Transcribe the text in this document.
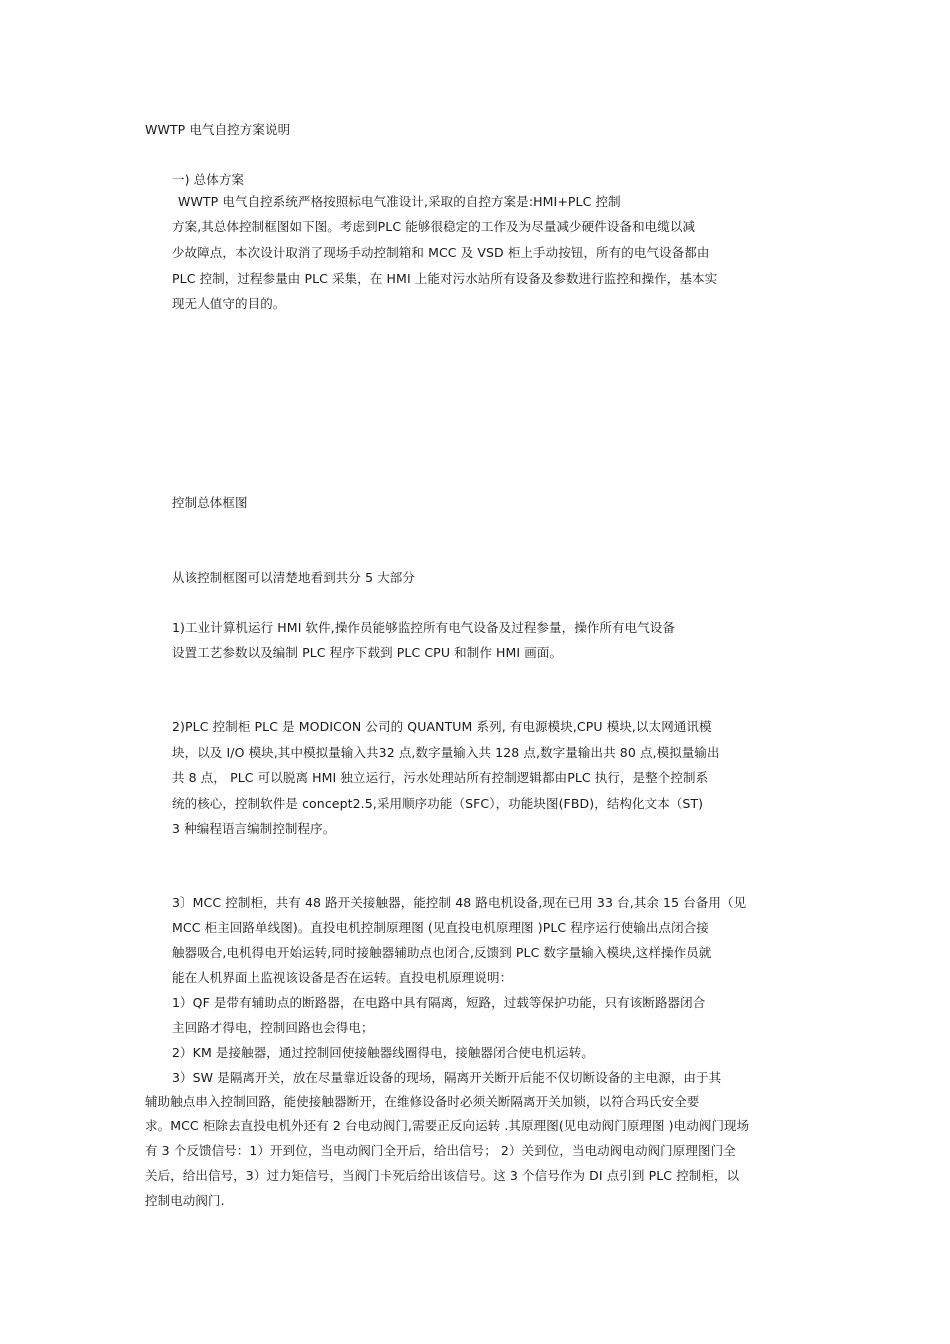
WWTP 电气自控方案说明
一) 总体方案
WWTP 电气自控系统严格按照标电气准设计,采取的自控方案是:HMI+PLC 控制
方案,其总体控制框图如下图。考虑到PLC 能够很稳定的工作及为尽量减少硬件设备和电缆以减
少故障点，本次设计取消了现场手动控制箱和 MCC 及 VSD 柜上手动按钮，所有的电气设备都由
PLC 控制，过程参量由 PLC 采集，在 HMI 上能对污水站所有设备及参数进行监控和操作，基本实
现无人值守的目的。
控制总体框图
从该控制框图可以清楚地看到共分 5 大部分
1)工业计算机运行 HMI 软件,操作员能够监控所有电气设备及过程参量，操作所有电气设备
设置工艺参数以及编制 PLC 程序下载到 PLC CPU 和制作 HMI 画面。
2)PLC 控制柜 PLC 是 MODICON 公司的 QUANTUM 系列, 有电源模块,CPU 模块,以太网通讯模
块，以及 I/O 模块,其中模拟量输入共32 点,数字量输入共 128 点,数字量输出共 80 点,模拟量输出
共 8 点， PLC 可以脱离 HMI 独立运行，污水处理站所有控制逻辑都由PLC 执行，是整个控制系
统的核心，控制软件是 concept2.5,采用顺序功能（SFC），功能块图(FBD)，结构化文本（ST)
3 种编程语言编制控制程序。
3〕MCC 控制柜，共有 48 路开关接触器，能控制 48 路电机设备,现在已用 33 台,其余 15 台备用（见
MCC 柜主回路单线图)。直投电机控制原理图 (见直投电机原理图 )PLC 程序运行使输出点闭合接
触器吸合,电机得电开始运转,同时接触器辅助点也闭合,反馈到 PLC 数字量输入模块,这样操作员就
能在人机界面上监视该设备是否在运转。直投电机原理说明：
1）QF 是带有辅助点的断路器，在电路中具有隔离，短路，过载等保护功能，只有该断路器闭合
主回路才得电，控制回路也会得电；
2）KM 是接触器，通过控制回使接触器线圈得电，接触器闭合使电机运转。
3）SW 是隔离开关，放在尽量靠近设备的现场，隔离开关断开后能不仅切断设备的主电源，由于其
辅助触点串入控制回路，能使接触器断开，在维修设备时必须关断隔离开关加锁，以符合玛氏安全要
求。MCC 柜除去直投电机外还有 2 台电动阀门,需要正反向运转 .其原理图(见电动阀门原理图 )电动阀门现场
有 3 个反馈信号：1）开到位，当电动阀门全开后，给出信号； 2）关到位，当电动阀电动阀门原理图门全
关后，给出信号，3）过力矩信号，当阀门卡死后给出该信号。这 3 个信号作为 DI 点引到 PLC 控制柜，以
控制电动阀门.
